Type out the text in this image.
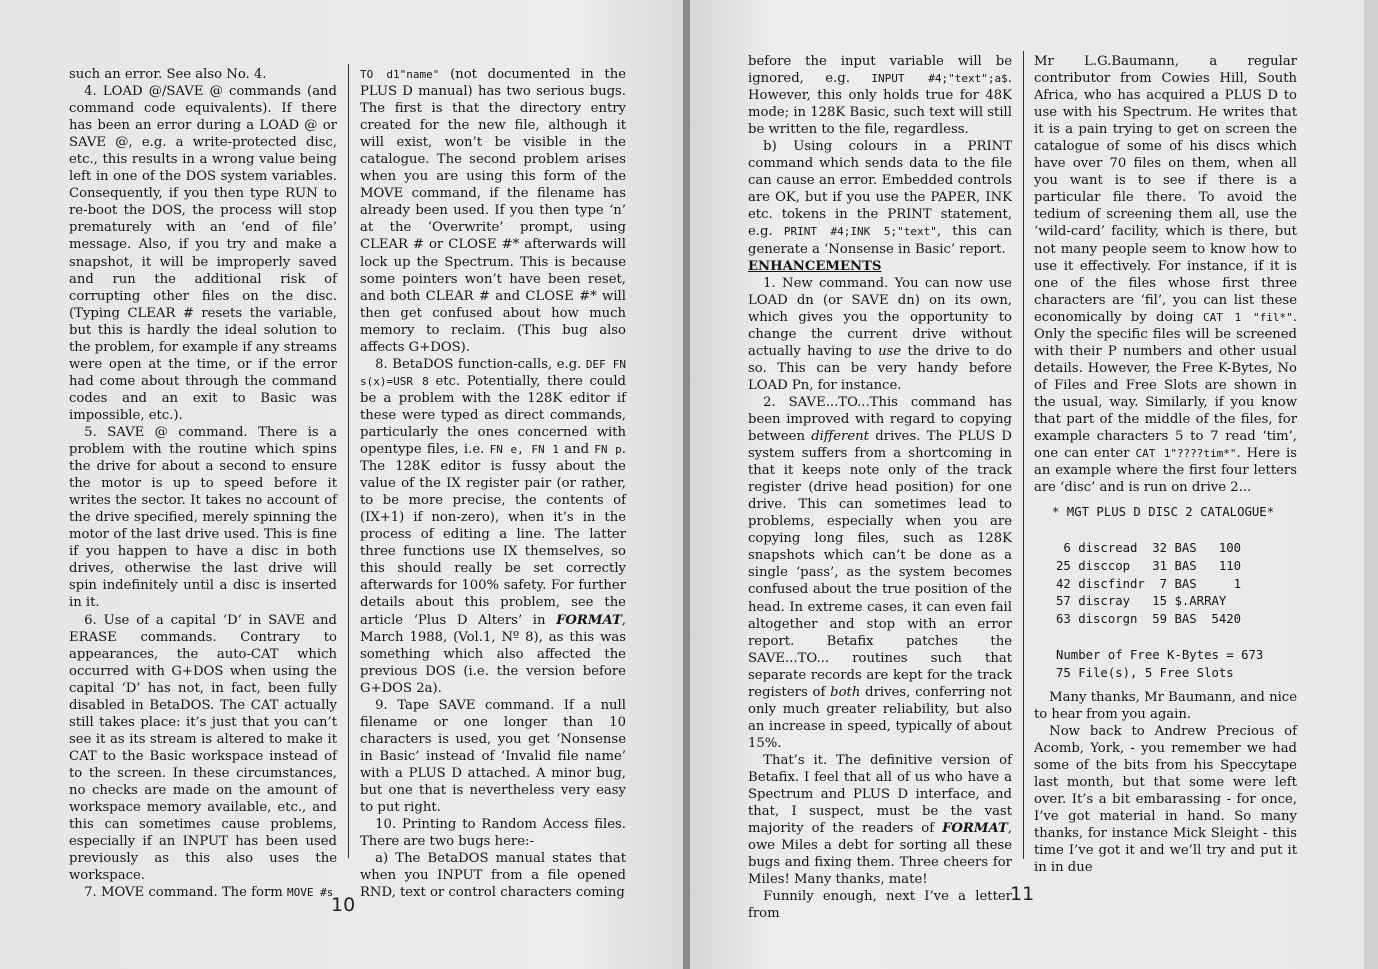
such an error. See also No. 4.

4. LOAD @/SAVE @ commands (and command code equivalents). If there has been an error during a LOAD @ or SAVE @, e.g. a write-protected disc, etc., this results in a wrong value being left in one of the DOS system variables. Consequently, if you then type RUN to re-boot the DOS, the process will stop prematurely with an ‘end of file’ message. Also, if you try and make a snapshot, it will be improperly saved and run the additional risk of corrupting other files on the disc. (Typing CLEAR # resets the variable, but this is hardly the ideal solution to the problem, for example if any streams were open at the time, or if the error had come about through the command codes and an exit to Basic was impossible, etc.).

5. SAVE @ command. There is a problem with the routine which spins the drive for about a second to ensure the motor is up to speed before it writes the sector. It takes no account of the drive specified, merely spinning the motor of the last drive used. This is fine if you happen to have a disc in both drives, otherwise the last drive will spin indefinitely until a disc is inserted in it.

6. Use of a capital ‘D’ in SAVE and ERASE commands. Contrary to appearances, the auto-CAT which occurred with G+DOS when using the capital ‘D’ has not, in fact, been fully disabled in BetaDOS. The CAT actually still takes place: it’s just that you can’t see it as its stream is altered to make it CAT to the Basic workspace instead of to the screen. In these circumstances, no checks are made on the amount of workspace memory available, etc., and this can sometimes cause problems, especially if an INPUT has been used previously as this also uses the workspace.

7. MOVE command. The form MOVE #s

TO d1"name" (not documented in the PLUS D manual) has two serious bugs. The first is that the directory entry created for the new file, although it will exist, won’t be visible in the catalogue. The second problem arises when you are using this form of the MOVE command, if the filename has already been used. If you then type ‘n’ at the ‘Overwrite’ prompt, using CLEAR # or CLOSE #* afterwards will lock up the Spectrum. This is because some pointers won’t have been reset, and both CLEAR # and CLOSE #* will then get confused about how much memory to reclaim. (This bug also affects G+DOS).

8. BetaDOS function-calls, e.g. DEF FN s(x)=USR 8 etc. Potentially, there could be a problem with the 128K editor if these were typed as direct commands, particularly the ones concerned with opentype files, i.e. FN e, FN 1 and FN p. The 128K editor is fussy about the value of the IX register pair (or rather, to be more precise, the contents of (IX+1) if non-zero), when it’s in the process of editing a line. The latter three functions use IX themselves, so this should really be set correctly afterwards for 100% safety. For further details about this problem, see the article ‘Plus D Alters’ in FORMAT, March 1988, (Vol.1, Nº 8), as this was something which also affected the previous DOS (i.e. the version before G+DOS 2a).

9. Tape SAVE command. If a null filename or one longer than 10 characters is used, you get ‘Nonsense in Basic’ instead of ‘Invalid file name’ with a PLUS D attached. A minor bug, but one that is nevertheless very easy to put right.

10. Printing to Random Access files. There are two bugs here:-

a) The BetaDOS manual states that when you INPUT from a file opened RND, text or control characters coming

10

before the input variable will be ignored, e.g. INPUT #4;"text";a$. However, this only holds true for 48K mode; in 128K Basic, such text will still be written to the file, regardless.

b) Using colours in a PRINT command which sends data to the file can cause an error. Embedded controls are OK, but if you use the PAPER, INK etc. tokens in the PRINT statement, e.g. PRINT #4;INK 5;"text", this can generate a ‘Nonsense in Basic’ report.

ENHANCEMENTS

1. New command. You can now use LOAD dn (or SAVE dn) on its own, which gives you the opportunity to change the current drive without actually having to use the drive to do so. This can be very handy before LOAD Pn, for instance.

2. SAVE...TO...This command has been improved with regard to copying between different drives. The PLUS D system suffers from a shortcoming in that it keeps note only of the track register (drive head position) for one drive. This can sometimes lead to problems, especially when you are copying long files, such as 128K snapshots which can’t be done as a single ‘pass’, as the system becomes confused about the true position of the head. In extreme cases, it can even fail altogether and stop with an error report. Betafix patches the SAVE...TO... routines such that separate records are kept for the track registers of both drives, conferring not only much greater reliability, but also an increase in speed, typically of about 15%.

That’s it. The definitive version of Betafix. I feel that all of us who have a Spectrum and PLUS D interface, and that, I suspect, must be the vast majority of the readers of FORMAT, owe Miles a debt for sorting all these bugs and fixing them. Three cheers for Miles! Many thanks, mate!

Funnily enough, next I’ve a letter from

Mr L.G.Baumann, a regular contributor from Cowies Hill, South Africa, who has acquired a PLUS D to use with his Spectrum. He writes that it is a pain trying to get on screen the catalogue of some of his discs which have over 70 files on them, when all you want is to see if there is a particular file there. To avoid the tedium of screening them all, use the ‘wild-card’ facility, which is there, but not many people seem to know how to use it effectively. For instance, if it is one of the files whose first three characters are ‘fil’, you can list these economically by doing CAT 1 "fil*". Only the specific files will be screened with their P numbers and other usual details. However, the Free K-Bytes, No of Files and Free Slots are shown in the usual, way. Similarly, if you know that part of the middle of the files, for example characters 5 to 7 read ‘tim’, one can enter CAT 1"????tim*". Here is an example where the first four letters are ‘disc’ and is run on drive 2...

* MGT PLUS D DISC 2 CATALOGUE*

6 discread  32 BAS   100

25 disccop   31 BAS   110

42 discfindr  7 BAS     1

57 discray   15 $.ARRAY

63 discorgn  59 BAS  5420

Number of Free K-Bytes = 673

75 File(s), 5 Free Slots

Many thanks, Mr Baumann, and nice to hear from you again.

Now back to Andrew Precious of Acomb, York, - you remember we had some of the bits from his Speccytape last month, but that some were left over. It’s a bit embarassing - for once, I’ve got material in hand. So many thanks, for instance Mick Sleight - this time I’ve got it and we’ll try and put it in in due

11
